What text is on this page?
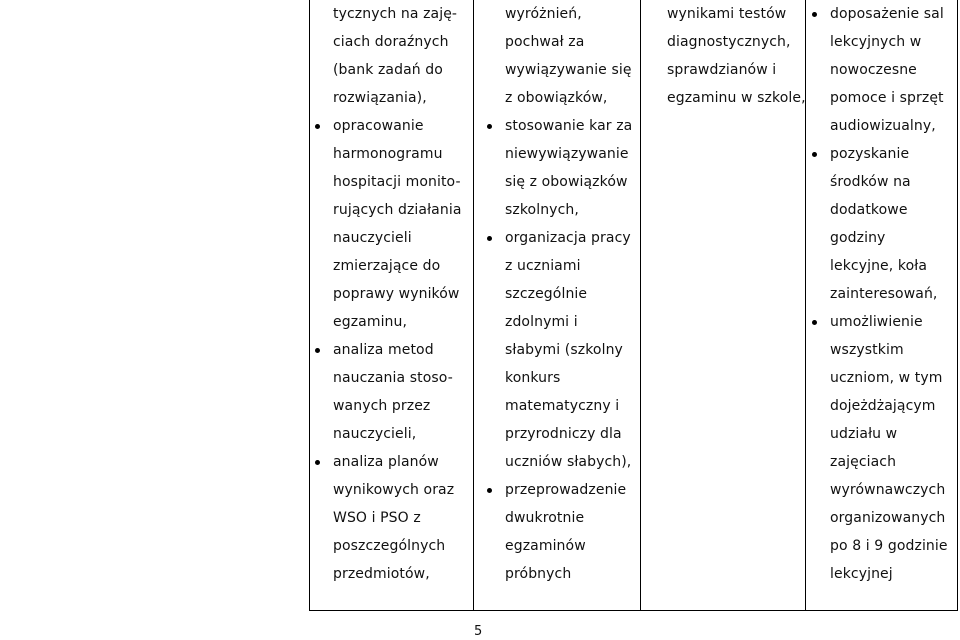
tycznych na zaję-
ciach doraźnych
(bank zadań do
rozwiązania),
opracowanie
harmonogramu
hospitacji monito-
rujących działania
nauczycieli
zmierzające do
poprawy wyników
egzaminu,
analiza metod
nauczania stoso-
wanych przez
nauczycieli,
analiza planów
wynikowych oraz
WSO i PSO z
poszczególnych
przedmiotów,
wyróżnień,
pochwał za
wywiązywanie się
z obowiązków,
stosowanie kar za
niewywiązywanie
się z obowiązków
szkolnych,
organizacja pracy
z uczniami
szczególnie
zdolnymi i
słabymi (szkolny
konkurs
matematyczny i
przyrodniczy dla
uczniów słabych),
przeprowadzenie
dwukrotnie
egzaminów
próbnych
wynikami testów
diagnostycznych,
sprawdzianów i
egzaminu w szkole,
doposażenie sal
lekcyjnych w
nowoczesne
pomoce i sprzęt
audiowizualny,
pozyskanie
środków na
dodatkowe
godziny
lekcyjne, koła
zainteresowań,
umożliwienie
wszystkim
uczniom, w tym
dojeżdżającym
udziału w
zajęciach
wyrównawczych
organizowanych
po 8 i 9 godzinie
lekcyjnej
5
